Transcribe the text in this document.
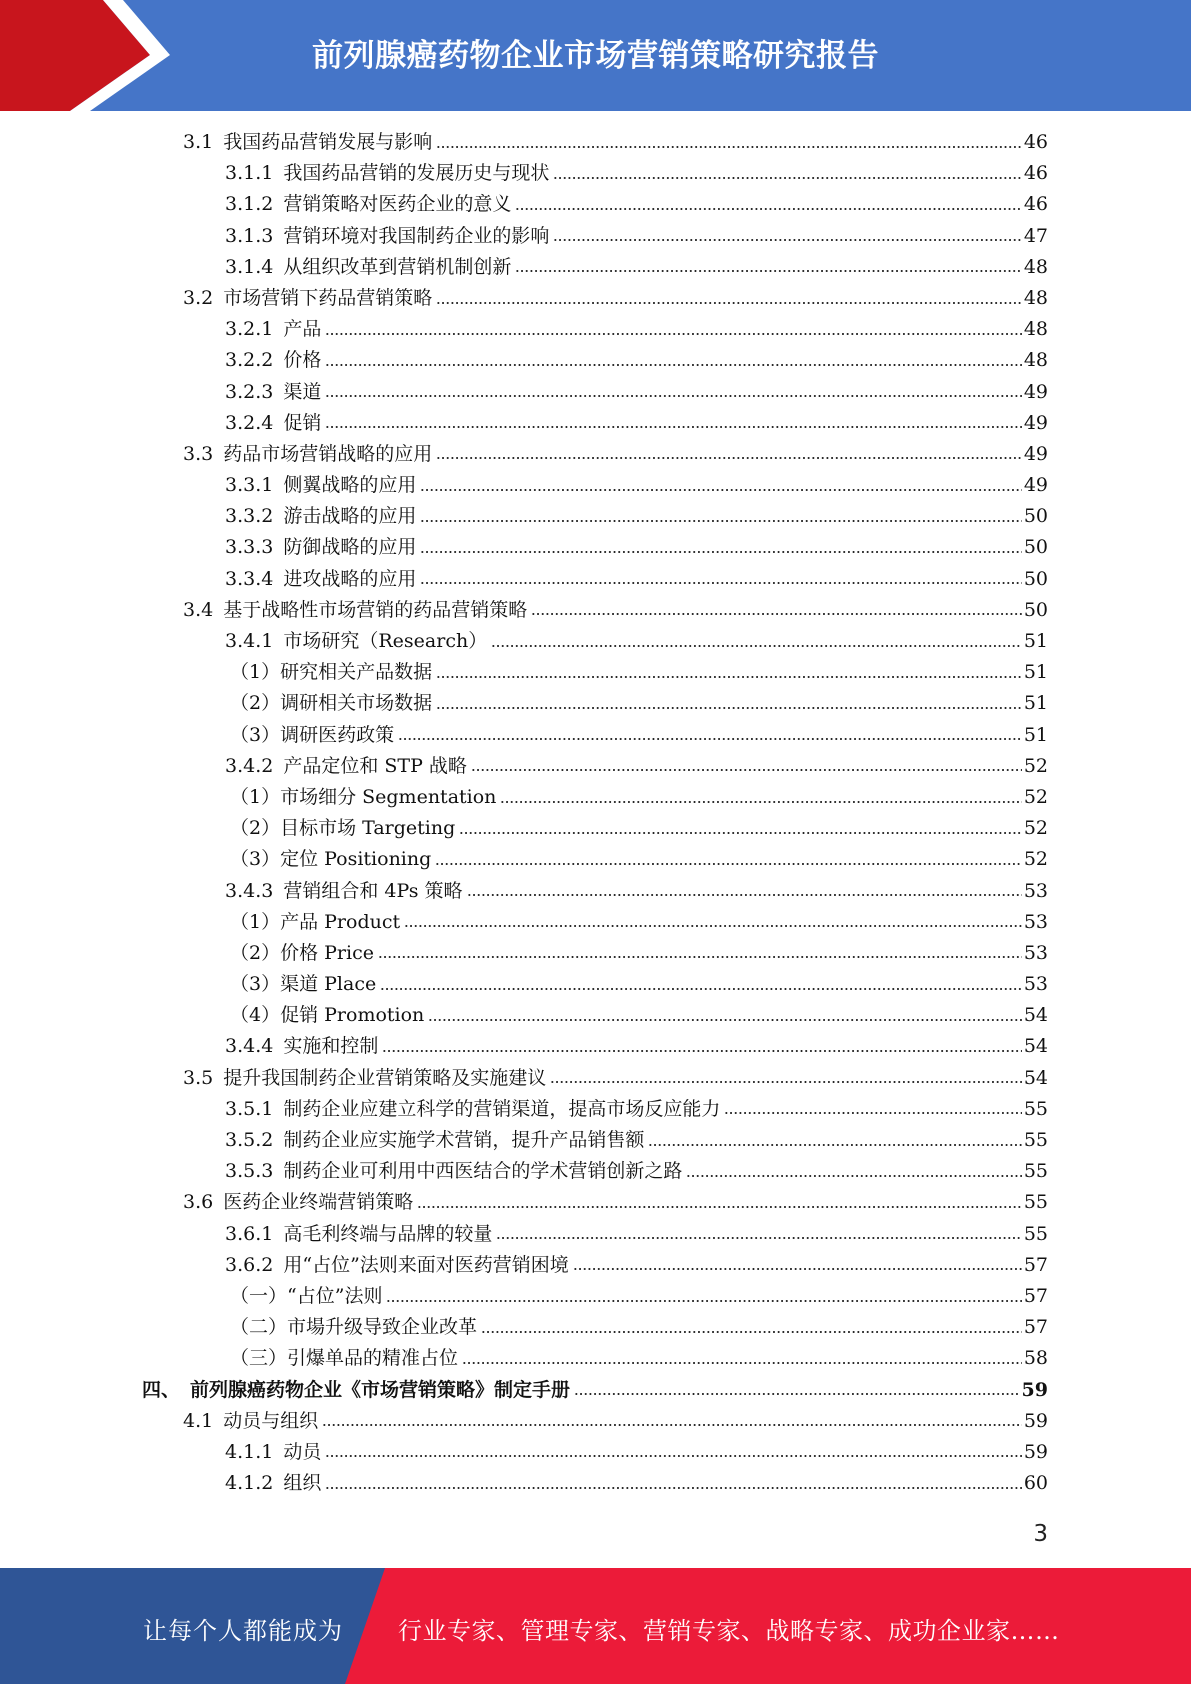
前列腺癌药物企业市场营销策略研究报告
3.1 我国药品营销发展与影响	46
3.1.1 我国药品营销的发展历史与现状	46
3.1.2 营销策略对医药企业的意义	46
3.1.3 营销环境对我国制药企业的影响	47
3.1.4 从组织改革到营销机制创新	48
3.2 市场营销下药品营销策略	48
3.2.1 产品	48
3.2.2 价格	48
3.2.3 渠道	49
3.2.4 促销	49
3.3 药品市场营销战略的应用	49
3.3.1 侧翼战略的应用	49
3.3.2 游击战略的应用	50
3.3.3 防御战略的应用	50
3.3.4 进攻战略的应用	50
3.4 基于战略性市场营销的药品营销策略	50
3.4.1 市场研究（Research）	51
（1） 研究相关产品数据	51
（2） 调研相关市场数据	51
（3） 调研医药政策	51
3.4.2 产品定位和 STP 战略	52
（1） 市场细分 Segmentation	52
（2） 目标市场 Targeting	52
（3） 定位 Positioning	52
3.4.3 营销组合和 4Ps 策略	53
（1） 产品 Product	53
（2） 价格 Price	53
（3） 渠道 Place	53
（4） 促销 Promotion	54
3.4.4 实施和控制	54
3.5 提升我国制药企业营销策略及实施建议	54
3.5.1 制药企业应建立科学的营销渠道，提高市场反应能力	55
3.5.2 制药企业应实施学术营销，提升产品销售额	55
3.5.3 制药企业可利用中西医结合的学术营销创新之路	55
3.6 医药企业终端营销策略	55
3.6.1 高毛利终端与品牌的较量	55
3.6.2 用“占位”法则来面对医药营销困境	57
（一） “占位”法则	57
（二） 市場升级导致企业改革	57
（三） 引爆单品的精准占位	58
四、 前列腺癌药物企业《市场营销策略》制定手册	59
4.1 动员与组织	59
4.1.1 动员	59
4.1.2 组织	60
3
让每个人都能成为 行业专家、管理专家、营销专家、战略专家、成功企业家……
